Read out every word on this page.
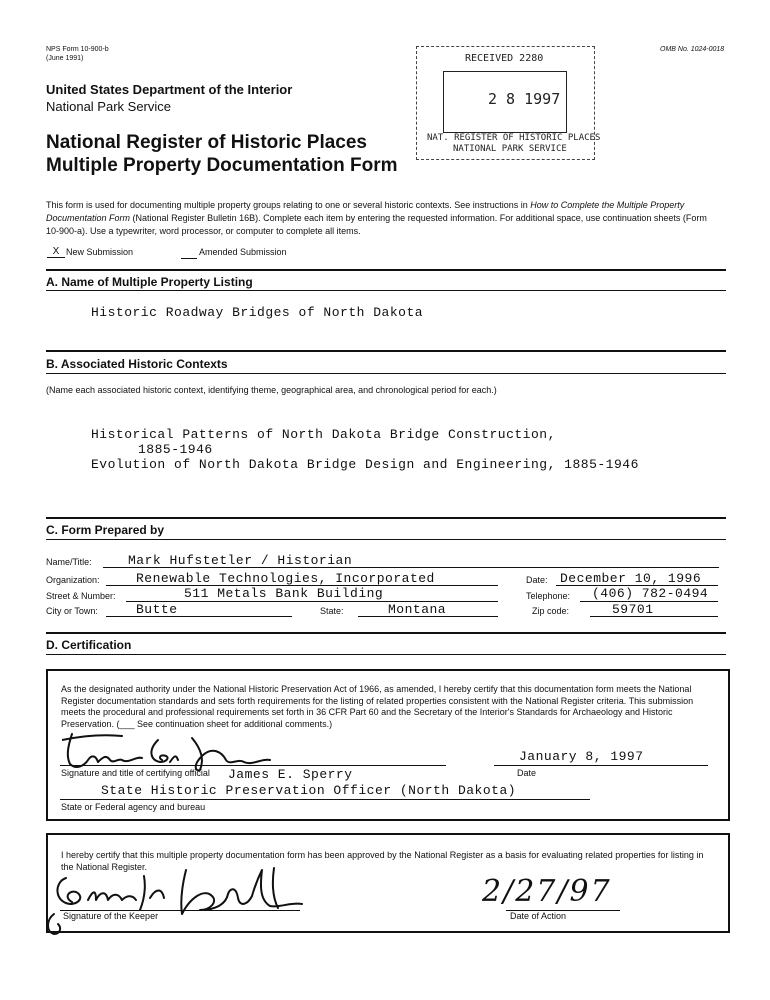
NPS Form 10-900-b
(June 1991)
OMB No. 1024-0018
United States Department of the Interior
National Park Service
National Register of Historic Places
Multiple Property Documentation Form
RECEIVED 2280
2 8 1997
NAT. REGISTER OF HISTORIC PLACES
NATIONAL PARK SERVICE
This form is used for documenting multiple property groups relating to one or several historic contexts. See instructions in How to Complete the Multiple Property Documentation Form (National Register Bulletin 16B). Complete each item by entering the requested information. For additional space, use continuation sheets (Form 10-900-a). Use a typewriter, word processor, or computer to complete all items.
X New Submission	Amended Submission
A. Name of Multiple Property Listing
Historic Roadway Bridges of North Dakota
B. Associated Historic Contexts
(Name each associated historic context, identifying theme, geographical area, and chronological period for each.)
Historical Patterns of North Dakota Bridge Construction,
1885-1946
Evolution of North Dakota Bridge Design and Engineering, 1885-1946
C. Form Prepared by
Name/Title:	Mark Hufstetler / Historian
Organization:	Renewable Technologies, Incorporated	Date: December 10, 1996
Street & Number:	511 Metals Bank Building	Telephone: (406) 782-0494
City or Town:	Butte	State:	Montana	Zip code:	59701
D. Certification
As the designated authority under the National Historic Preservation Act of 1966, as amended, I hereby certify that this documentation form meets the National Register documentation standards and sets forth requirements for the listing of related properties consistent with the National Register criteria. This submission meets the procedural and professional requirements set forth in 36 CFR Part 60 and the Secretary of the Interior's Standards for Archaeology and Historic Preservation. (___ See continuation sheet for additional comments.)
Signature and title of certifying official James E. Sperry
January 8, 1997
Date
State Historic Preservation Officer (North Dakota)
State or Federal agency and bureau
I hereby certify that this multiple property documentation form has been approved by the National Register as a basis for evaluating related properties for listing in the National Register.
Signature of the Keeper
2/27/97
Date of Action
